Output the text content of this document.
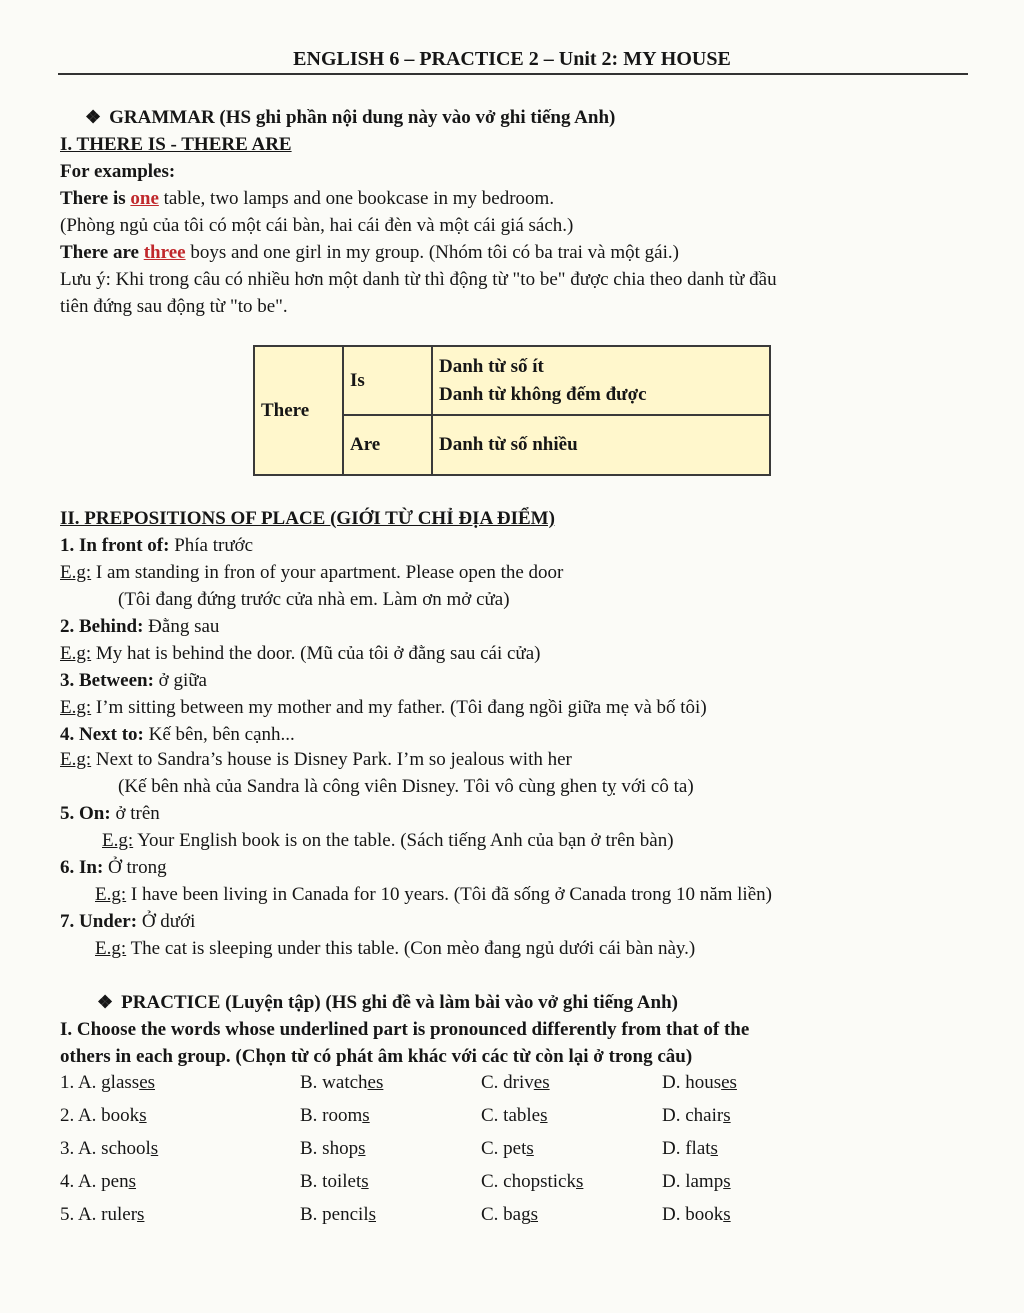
ENGLISH 6 – PRACTICE 2 – Unit 2: MY HOUSE
❖ GRAMMAR (HS ghi phần nội dung này vào vở ghi tiếng Anh)
I. THERE IS - THERE ARE
For examples:
There is one table, two lamps and one bookcase in my bedroom.
(Phòng ngủ của tôi có một cái bàn, hai cái đèn và một cái giá sách.)
There are three boys and one girl in my group. (Nhóm tôi có ba trai và một gái.)
Lưu ý: Khi trong câu có nhiều hơn một danh từ thì động từ "to be" được chia theo danh từ đầu
tiên đứng sau động từ "to be".
There	Is	Danh từ số ít
Danh từ không đếm được

	Are	Danh từ số nhiều
II. PREPOSITIONS OF PLACE (GIỚI TỪ CHỈ ĐỊA ĐIỂM)
1. In front of: Phía trước
E.g: I am standing in fron of your apartment. Please open the door
(Tôi đang đứng trước cửa nhà em. Làm ơn mở cửa)
2. Behind: Đằng sau
E.g: My hat is behind the door. (Mũ của tôi ở đằng sau cái cửa)
3. Between: ở giữa
E.g: I’m sitting between my mother and my father. (Tôi đang ngồi giữa mẹ và bố tôi)
4. Next to: Kế bên, bên cạnh...
E.g: Next to Sandra’s house is Disney Park. I’m so jealous with her
(Kế bên nhà của Sandra là công viên Disney. Tôi vô cùng ghen tỵ với cô ta)
5. On: ở trên
E.g: Your English book is on the table. (Sách tiếng Anh của bạn ở trên bàn)
6. In: Ở trong
E.g: I have been living in Canada for 10 years. (Tôi đã sống ở Canada trong 10 năm liền)
7. Under: Ở dưới
E.g: The cat is sleeping under this table. (Con mèo đang ngủ dưới cái bàn này.)
❖ PRACTICE (Luyện tập) (HS ghi đề và làm bài vào vở ghi tiếng Anh)
I. Choose the words whose underlined part is pronounced differently from that of the
others in each group. (Chọn từ có phát âm khác với các từ còn lại ở trong câu)
1. A. glasses	B. watches	C. drives	D. houses
2. A. books	B. rooms	C. tables	D. chairs
3. A. schools	B. shops	C. pets	D. flats
4. A. pens	B. toilets	C. chopsticks	D. lamps
5. A. rulers	B. pencils	C. bags	D. books
